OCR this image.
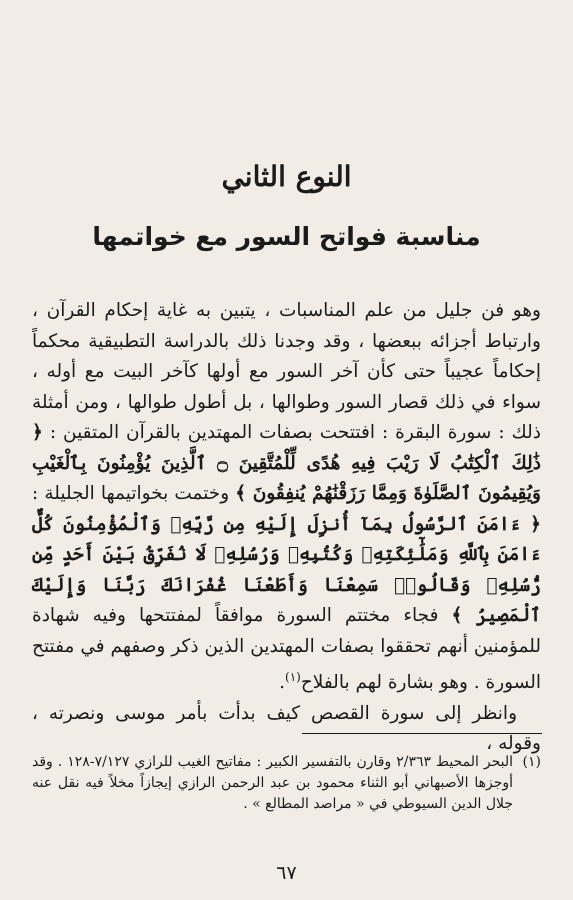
النوع الثاني
مناسبة فواتح السور مع خواتمها

وهو فن جليل من علم المناسبات ، يتبين به غاية إحكام القرآن ، وارتباط أجزائه ببعضها ، وقد وجدنا ذلك بالدراسة التطبيقية محكماً إحكاماً عجيباً حتى كأن آخر السور مع أولها كآخر البيت مع أوله ، سواء في ذلك قصار السور وطوالها ، بل أطول طوالها ، ومن أمثلة ذلك : سورة البقرة : افتتحت بصفات المهتدين بالقرآن المتقين : ﴿ ذَٰلِكَ ٱلْكِتَٰبُ لَا رَيْبَ فِيهِ هُدًى لِّلْمُتَّقِينَ ۝ ٱلَّذِينَ يُؤْمِنُونَ بِٱلْغَيْبِ وَيُقِيمُونَ ٱلصَّلَوٰةَ وَمِمَّا رَزَقْنَٰهُمْ يُنفِقُونَ ﴾ وختمت بخواتيمها الجليلة : ﴿ ءَامَنَ ٱلرَّسُولُ بِمَآ أُنزِلَ إِلَيْهِ مِن رَّبِّهِۦ وَٱلْمُؤْمِنُونَ كُلٌّ ءَامَنَ بِٱللَّهِ وَمَلَٰٓئِكَتِهِۦ وَكُتُبِهِۦ وَرُسُلِهِۦ لَا نُفَرِّقُ بَيْنَ أَحَدٍ مِّن رُّسُلِهِۦ وَقَالُوا۟ سَمِعْنَا وَأَطَعْنَا غُفْرَانَكَ رَبَّنَا وَإِلَيْكَ ٱلْمَصِيرُ ﴾ فجاء مختتم السورة موافقاً لمفتتحها وفيه شهادة للمؤمنين أنهم تحققوا بصفات المهتدين الذين ذكر وصفهم في مفتتح السورة . وهو بشارة لهم بالفلاح$^{(١)}$.

وانظر إلى سورة القصص كيف بدأت بأمر موسى ونصرته ، وقوله ،

(١)

البحر المحيط ٢/٣٦٣ وقارن بالتفسير الكبير : مفاتيح الغيب للرازي ٧/١٢٧-١٢٨ . وقد أوجزها الأصبهاني أبو الثناء محمود بن عبد الرحمن الرازي إيجازاً مخلاً فيه نقل عنه جلال الدين السيوطي في « مراصد المطالع » .

٦٧
